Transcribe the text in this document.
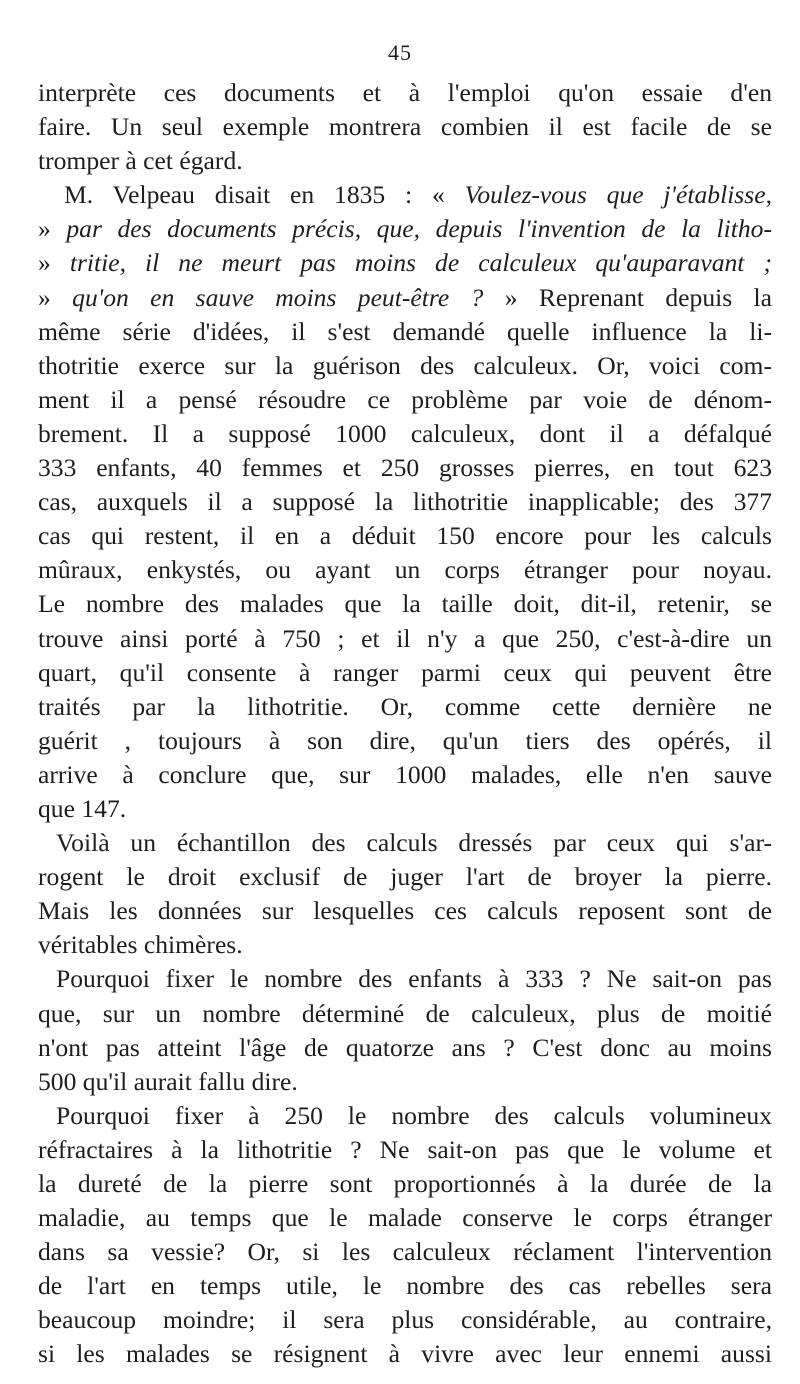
45
interprète ces documents et à l'emploi qu'on essaie d'en
faire. Un seul exemple montrera combien il est facile de se
tromper à cet égard.
M. Velpeau disait en 1835 : « Voulez-vous que j'établisse,
» par des documents précis, que, depuis l'invention de la litho-
» tritie, il ne meurt pas moins de calculeux qu'auparavant ;
» qu'on en sauve moins peut-être ? » Reprenant depuis la
même série d'idées, il s'est demandé quelle influence la li-
thotritie exerce sur la guérison des calculeux. Or, voici com-
ment il a pensé résoudre ce problème par voie de dénom-
brement. Il a supposé 1000 calculeux, dont il a défalqué
333 enfants, 40 femmes et 250 grosses pierres, en tout 623
cas, auxquels il a supposé la lithotritie inapplicable; des 377
cas qui restent, il en a déduit 150 encore pour les calculs
mûraux, enkystés, ou ayant un corps étranger pour noyau.
Le nombre des malades que la taille doit, dit-il, retenir, se
trouve ainsi porté à 750 ; et il n'y a que 250, c'est-à-dire un
quart, qu'il consente à ranger parmi ceux qui peuvent être
traités par la lithotritie. Or, comme cette dernière ne
guérit , toujours à son dire, qu'un tiers des opérés, il
arrive à conclure que, sur 1000 malades, elle n'en sauve
que 147.
Voilà un échantillon des calculs dressés par ceux qui s'ar-
rogent le droit exclusif de juger l'art de broyer la pierre.
Mais les données sur lesquelles ces calculs reposent sont de
véritables chimères.
Pourquoi fixer le nombre des enfants à 333 ? Ne sait-on pas
que, sur un nombre déterminé de calculeux, plus de moitié
n'ont pas atteint l'âge de quatorze ans ? C'est donc au moins
500 qu'il aurait fallu dire.
Pourquoi fixer à 250 le nombre des calculs volumineux
réfractaires à la lithotritie ? Ne sait-on pas que le volume et
la dureté de la pierre sont proportionnés à la durée de la
maladie, au temps que le malade conserve le corps étranger
dans sa vessie? Or, si les calculeux réclament l'intervention
de l'art en temps utile, le nombre des cas rebelles sera
beaucoup moindre; il sera plus considérable, au contraire,
si les malades se résignent à vivre avec leur ennemi aussi
